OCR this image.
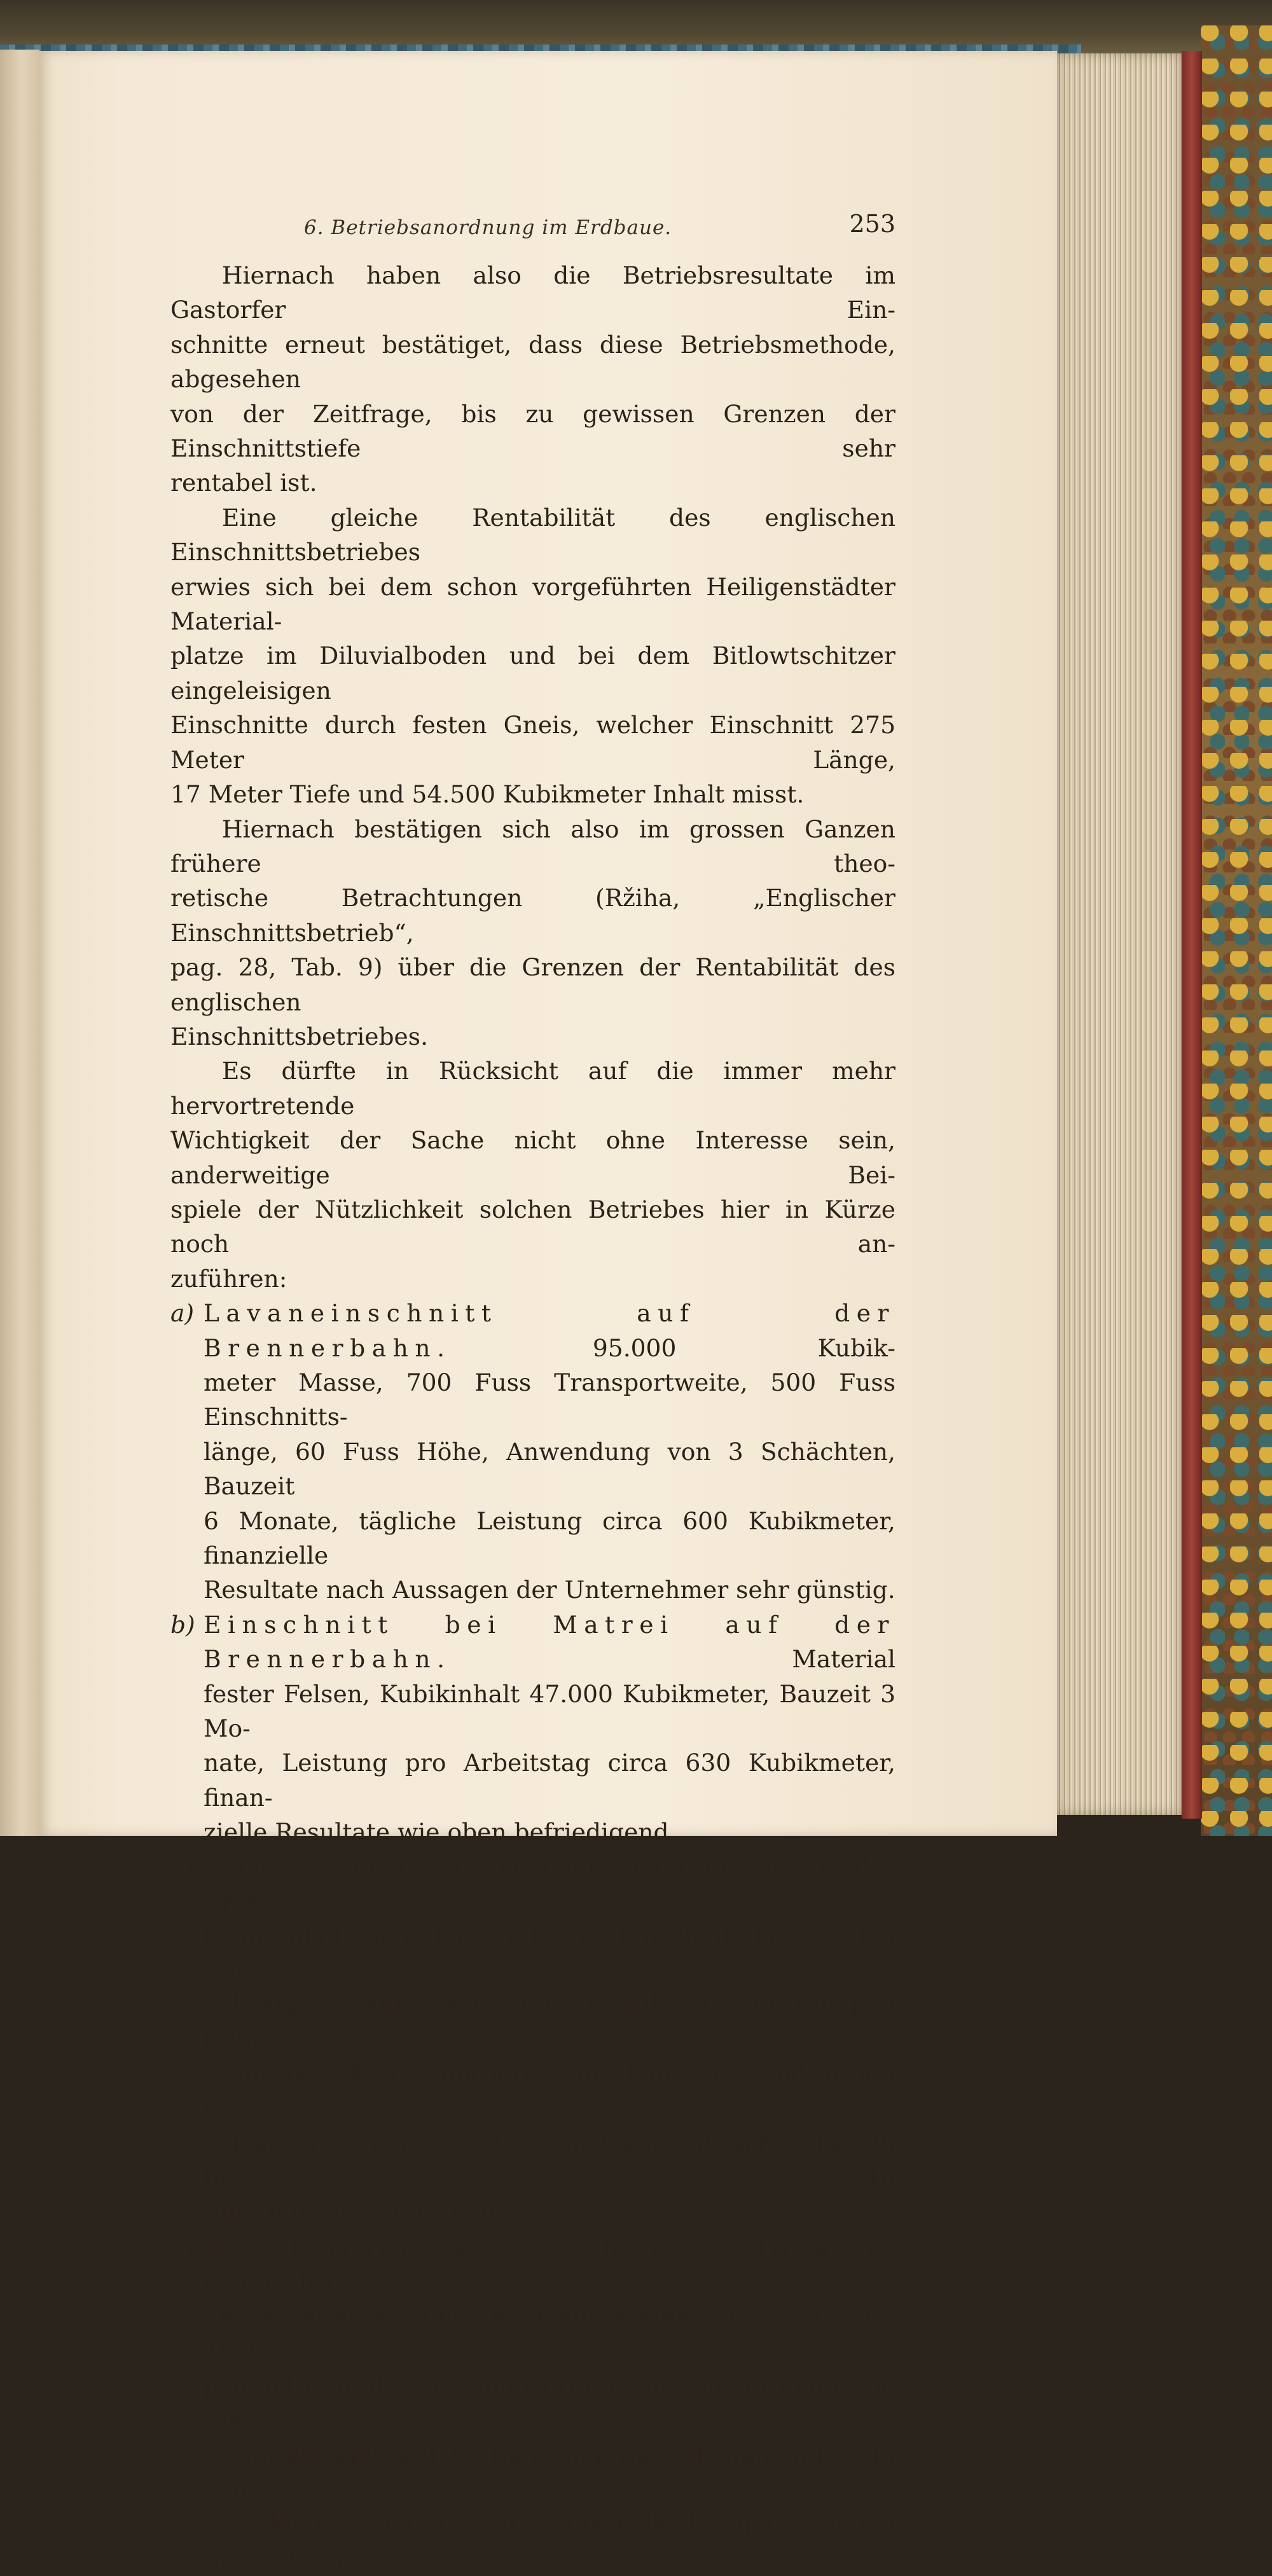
6. Betriebsanordnung im Erdbaue.	253

Hiernach haben also die Betriebsresultate im Gastorfer Ein-

schnitte erneut bestätiget, dass diese Betriebsmethode, abgesehen

von der Zeitfrage, bis zu gewissen Grenzen der Einschnittstiefe sehr

rentabel ist.

Eine gleiche Rentabilität des englischen Einschnittsbetriebes

erwies sich bei dem schon vorgeführten Heiligenstädter Material-

platze im Diluvialboden und bei dem Bitlowtschitzer eingeleisigen

Einschnitte durch festen Gneis, welcher Einschnitt 275 Meter Länge,

17 Meter Tiefe und 54.500 Kubikmeter Inhalt misst.

Hiernach bestätigen sich also im grossen Ganzen frühere theo-

retische Betrachtungen (Ržiha, „Englischer Einschnittsbetrieb“,

pag. 28, Tab. 9) über die Grenzen der Rentabilität des englischen

Einschnittsbetriebes.

Es dürfte in Rücksicht auf die immer mehr hervortretende

Wichtigkeit der Sache nicht ohne Interesse sein, anderweitige Bei-

spiele der Nützlichkeit solchen Betriebes hier in Kürze noch an-

zuführen:

a) Lavaneinschnitt auf der Brennerbahn. 95.000 Kubik-

meter Masse, 700 Fuss Transportweite, 500 Fuss Einschnitts-

länge, 60 Fuss Höhe, Anwendung von 3 Schächten, Bauzeit

6 Monate, tägliche Leistung circa 600 Kubikmeter, finanzielle

Resultate nach Aussagen der Unternehmer sehr günstig.

b) Einschnitt bei Matrei auf der Brennerbahn. Material

fester Felsen, Kubikinhalt 47.000 Kubikmeter, Bauzeit 3 Mo-

nate, Leistung pro Arbeitstag circa 630 Kubikmeter, finan-

zielle Resultate wie oben befriedigend.

c) Nach Aussagen verschiedener Unternehmer an der Brenner-

bahn lohnt sich der englische Einschnittsbetrieb bei zwei-

geleisigen Bahneinschnitten in mildem und rolligem Gebirge

schon bei 24 Fuss mittlerer Einschnittstiefe und in den festeren

Felsarten, je nach der Gesteinsfestigkeit, schon bei 36 bis 48

Fuss mittlerer Einschnittstiefe.

d) Württembergische Schwarzwaldbahn. („Zeitschrift

des Architekten- und Ingenieurvereines zu Hannover“, 1870,

pag. 64.) Auf dieser Bahn wurde mehrfach der englisehe Ein-

schnittsbetrieb mit Vortheil angewendet, namentlich in den

27 Meter tiefen, im Muschelkalk gebrochenen Sparnsberger
